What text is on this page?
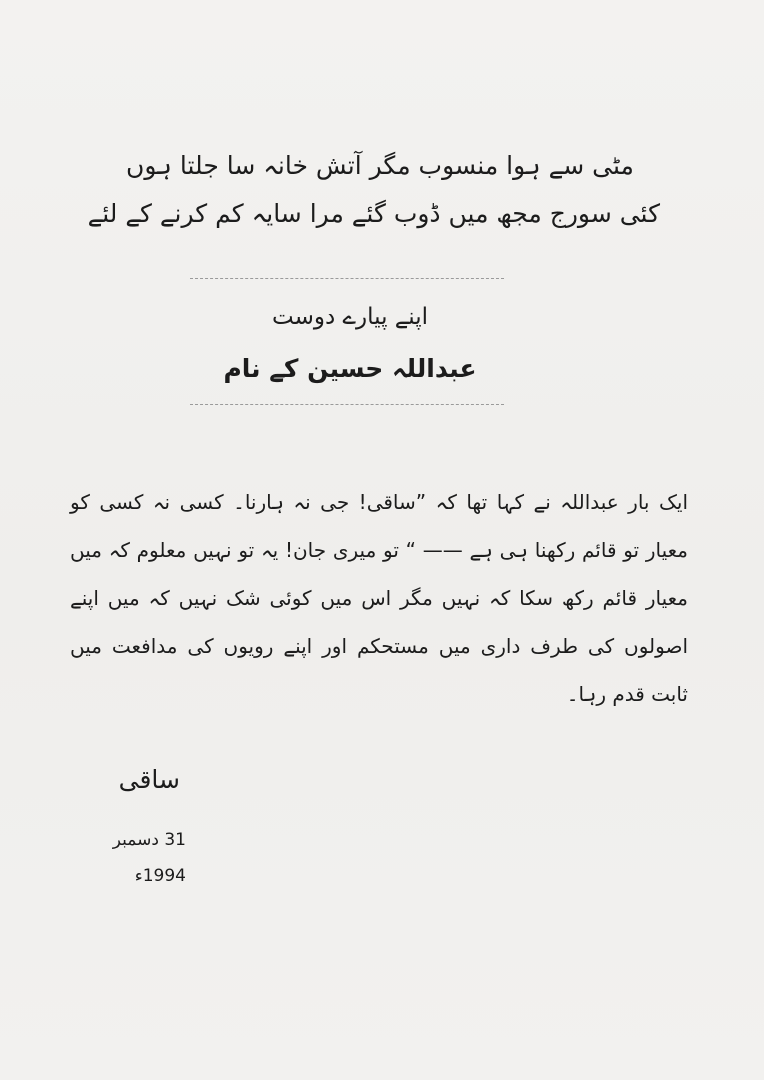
مٹی سے ہوا منسوب مگر آتش خانہ سا جلتا ہوں
کئی سورج مجھ میں ڈوب گئے مرا سایہ کم کرنے کے لئے
اپنے پیارے دوست
عبداللہ حسین کے نام
ایک بار عبداللہ نے کہا تھا کہ ”ساقی! جی نہ ہارنا۔ کسی نہ کسی کو معیار تو قائم رکھنا ہی ہے —— “ تو میری جان! یہ تو نہیں معلوم کہ میں معیار قائم رکھ سکا کہ نہیں مگر اس میں کوئی شک نہیں کہ میں اپنے اصولوں کی طرف داری میں مستحکم اور اپنے رویوں کی مدافعت میں ثابت قدم رہا۔
ساقی
31 دسمبر 1994ء
